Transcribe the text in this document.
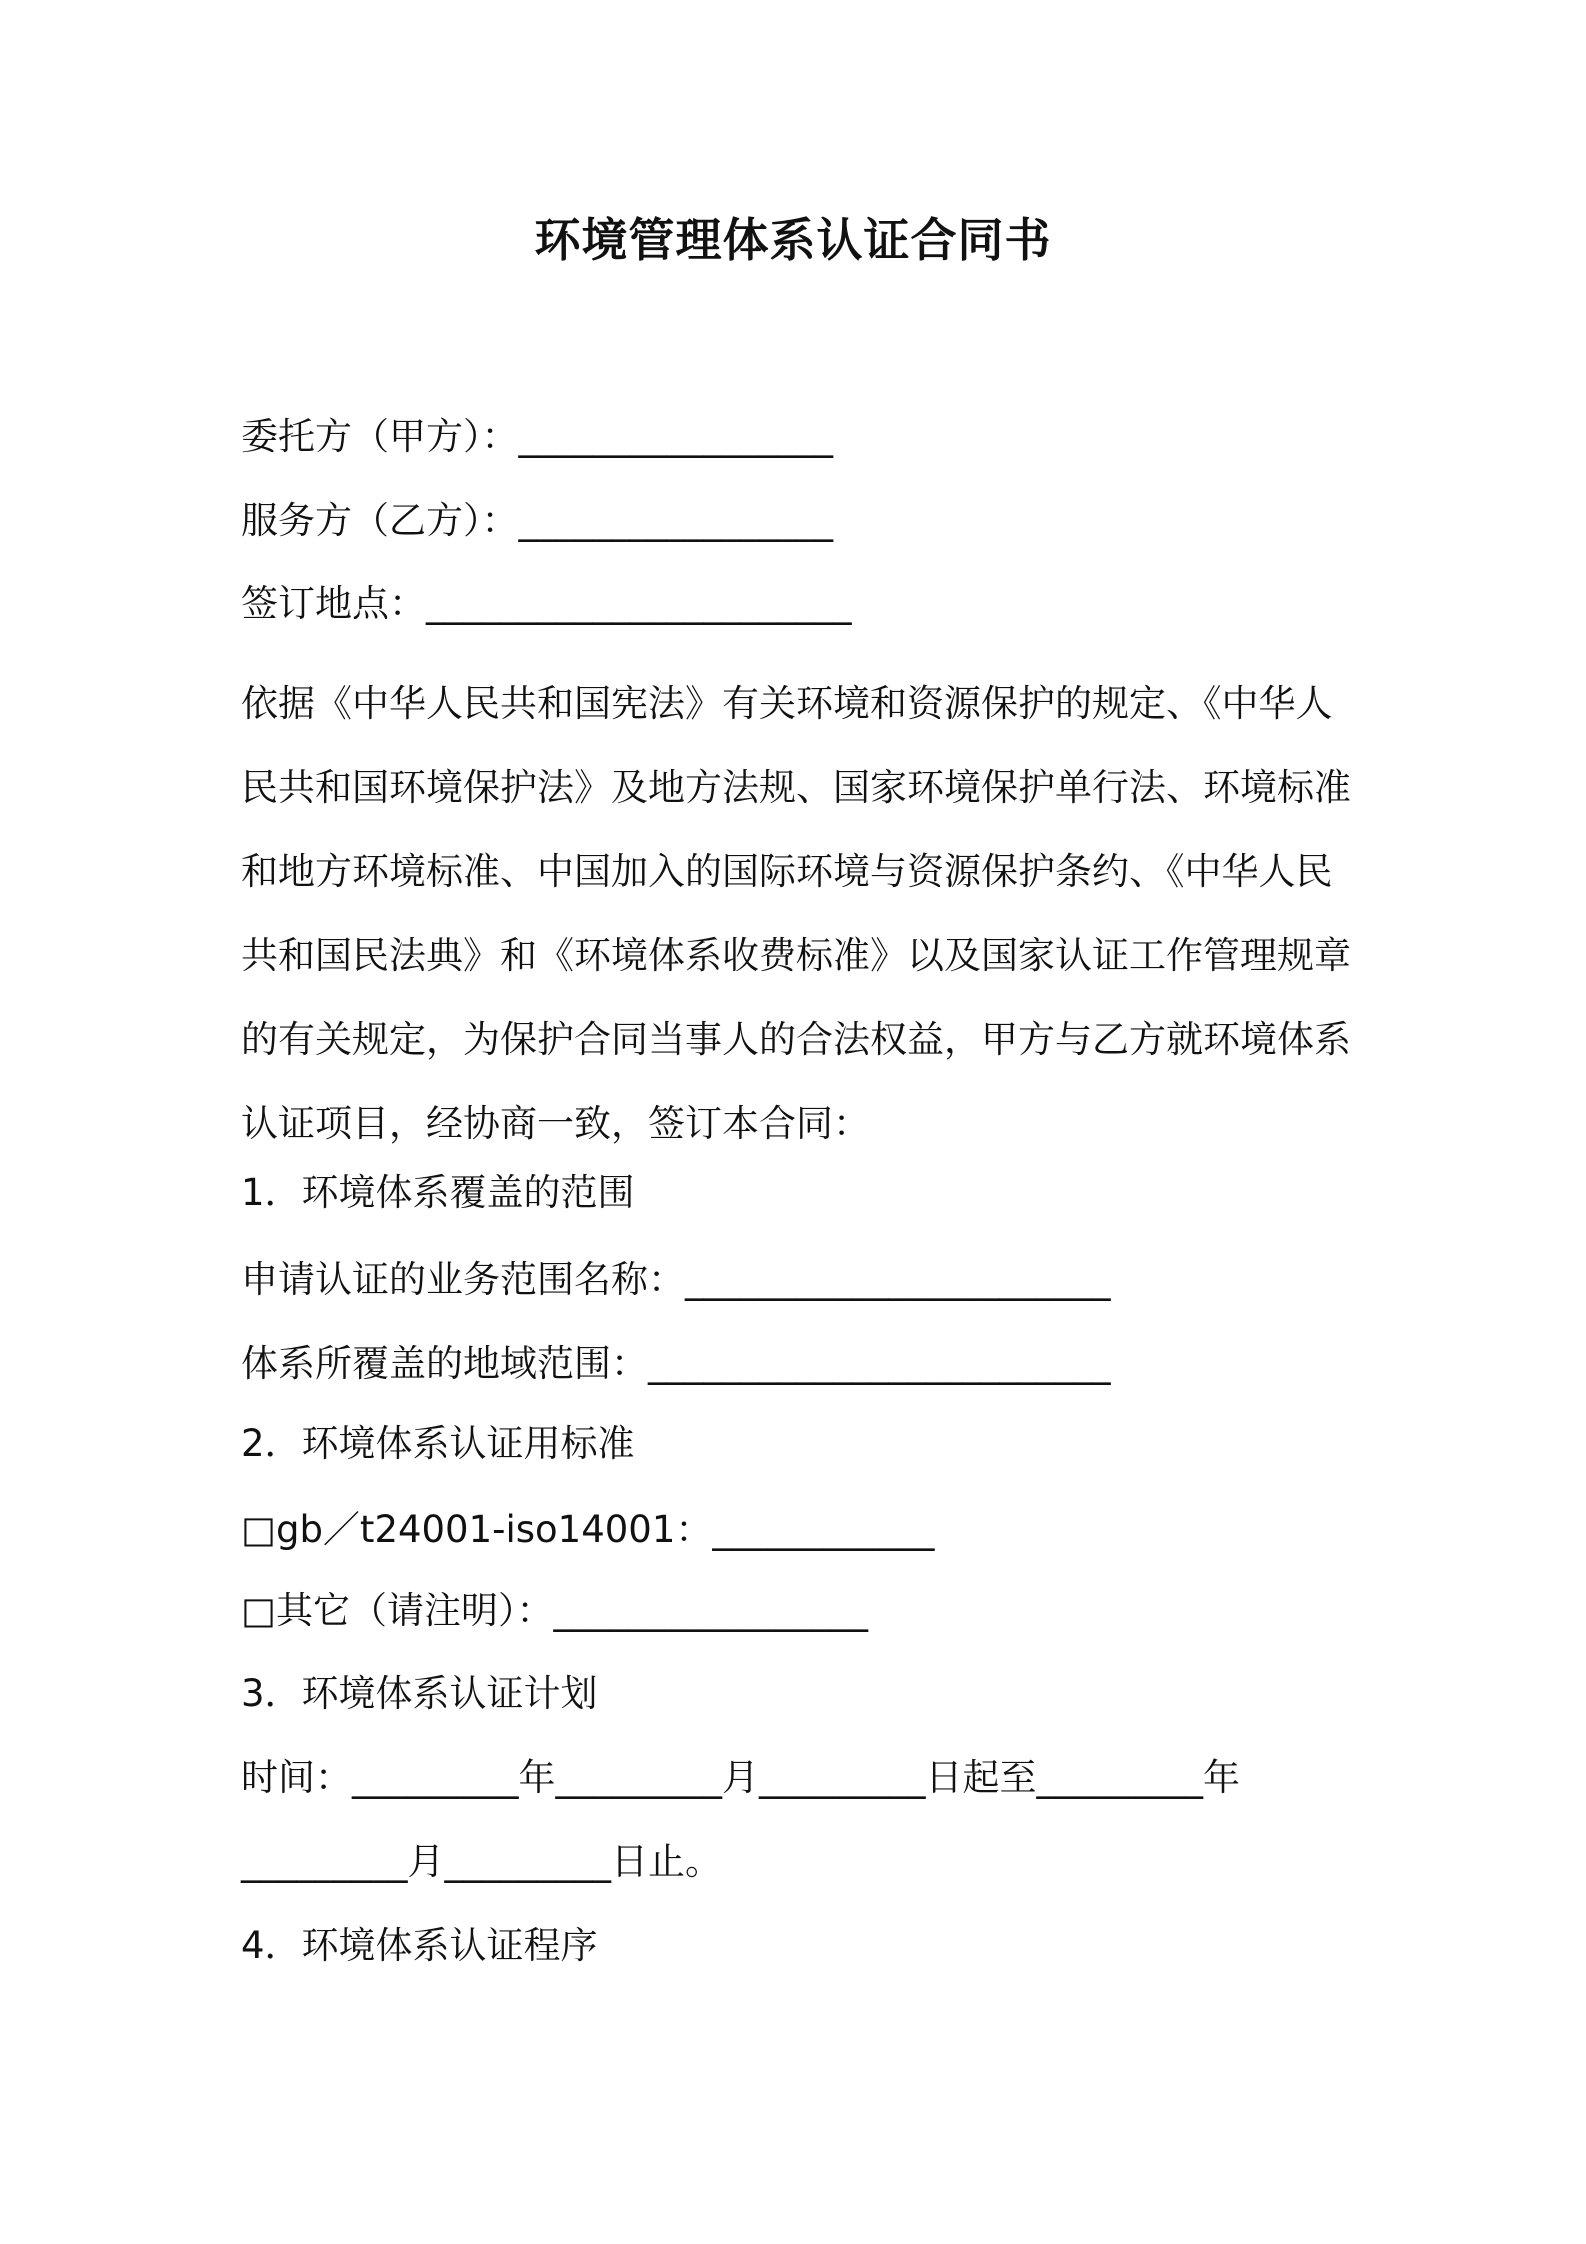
环境管理体系认证合同书
委托方（甲方）：_________________
服务方（乙方）：_________________
签订地点：_______________________
依据《中华人民共和国宪法》有关环境和资源保护的规定、《中华人
民共和国环境保护法》及地方法规、国家环境保护单行法、环境标准
和地方环境标准、中国加入的国际环境与资源保护条约、《中华人民
共和国民法典》和《环境体系收费标准》以及国家认证工作管理规章
的有关规定，为保护合同当事人的合法权益，甲方与乙方就环境体系
认证项目，经协商一致，签订本合同：
1．环境体系覆盖的范围
申请认证的业务范围名称：_______________________
体系所覆盖的地域范围：_________________________
2．环境体系认证用标准
□gb／t24001-iso14001：____________
□其它（请注明）：_________________
3．环境体系认证计划
时间：_________年_________月_________日起至_________年
_________月_________日止。
4．环境体系认证程序
